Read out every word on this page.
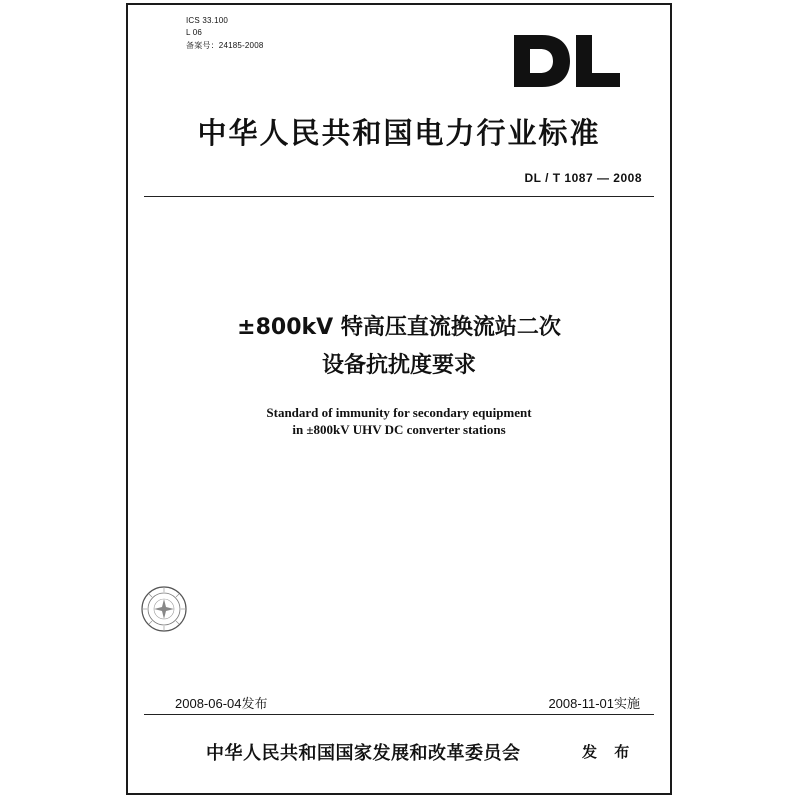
ICS 33.100
L 06
备案号：24185-2008
中华人民共和国电力行业标准
DL / T 1087 — 2008
±800kV 特高压直流换流站二次
设备抗扰度要求
Standard of immunity for secondary equipment
in ±800kV UHV DC converter stations
2008-06-04发布	2008-11-01实施
中华人民共和国国家发展和改革委员会	发 布
